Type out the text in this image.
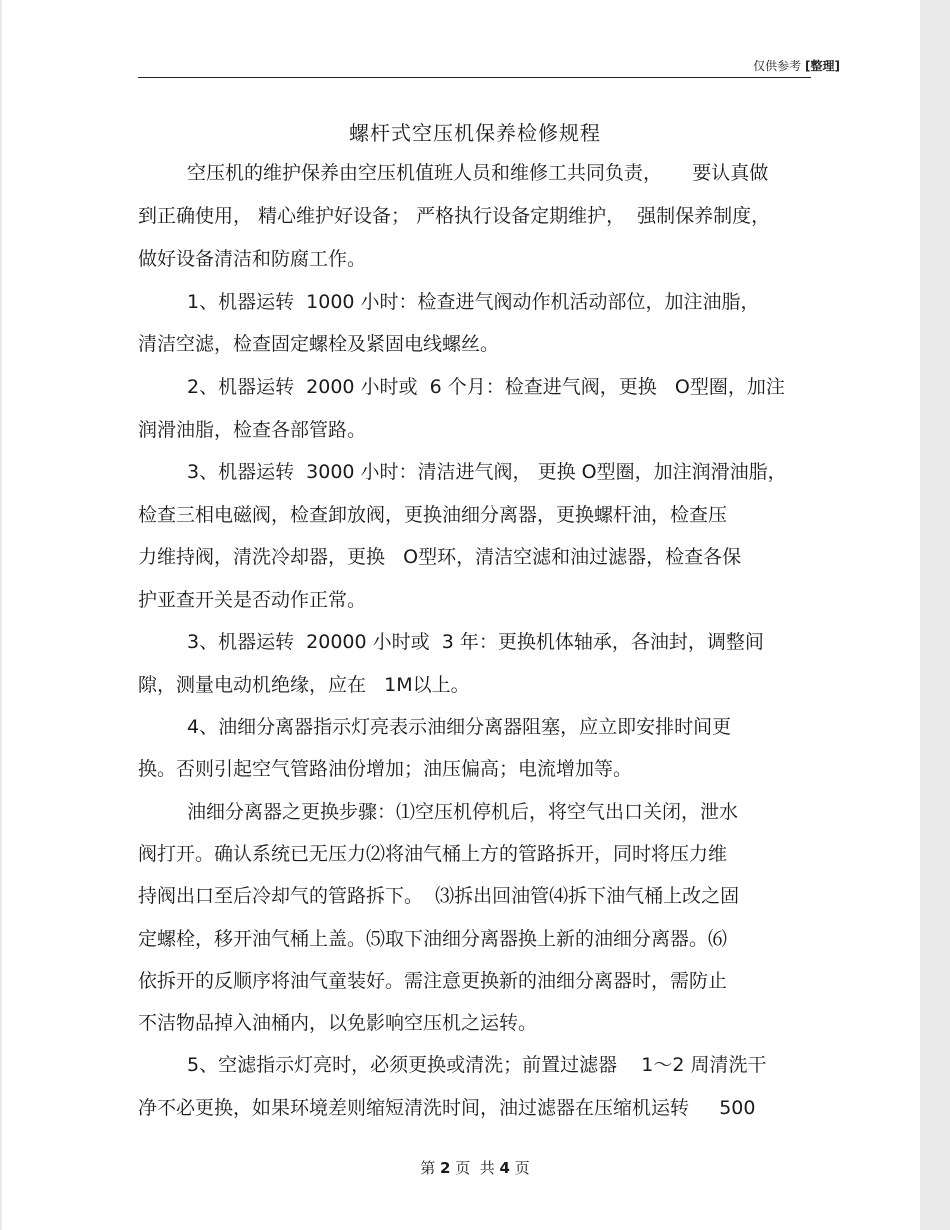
仅供参考 [整理]
螺杆式空压机保养检修规程
空压机的维护保养由空压机值班人员和维修工共同负责，     要认真做
到正确使用， 精心维护好设备； 严格执行设备定期维护，  强制保养制度，
做好设备清洁和防腐工作。
1、机器运转  1000 小时：检查进气阀动作机活动部位，加注油脂，
清洁空滤，检查固定螺栓及紧固电线螺丝。
2、机器运转  2000 小时或  6 个月：检查进气阀，更换   O型圈，加注
润滑油脂，检查各部管路。
3、机器运转  3000 小时：清洁进气阀， 更换 O型圈，加注润滑油脂，
检查三相电磁阀，检查卸放阀，更换油细分离器，更换螺杆油，检查压
力维持阀，清洗冷却器，更换   O型环，清洁空滤和油过滤器，检查各保
护亚查开关是否动作正常。
3、机器运转  20000 小时或  3 年：更换机体轴承，各油封，调整间
隙，测量电动机绝缘，应在   1M以上。
4、油细分离器指示灯亮表示油细分离器阻塞，应立即安排时间更
换。否则引起空气管路油份增加；油压偏高；电流增加等。
油细分离器之更换步骤：⑴空压机停机后，将空气出口关闭，泄水
阀打开。确认系统已无压力⑵将油气桶上方的管路拆开，同时将压力维
持阀出口至后冷却气的管路拆下。  ⑶拆出回油管⑷拆下油气桶上改之固
定螺栓，移开油气桶上盖。⑸取下油细分离器换上新的油细分离器。⑹
依拆开的反顺序将油气童装好。需注意更换新的油细分离器时，需防止
不洁物品掉入油桶内，以免影响空压机之运转。
5、空滤指示灯亮时，必须更换或清洗；前置过滤器    1～2 周清洗干
净不必更换，如果环境差则缩短清洗时间，油过滤器在压缩机运转     500
第 2 页  共 4 页
